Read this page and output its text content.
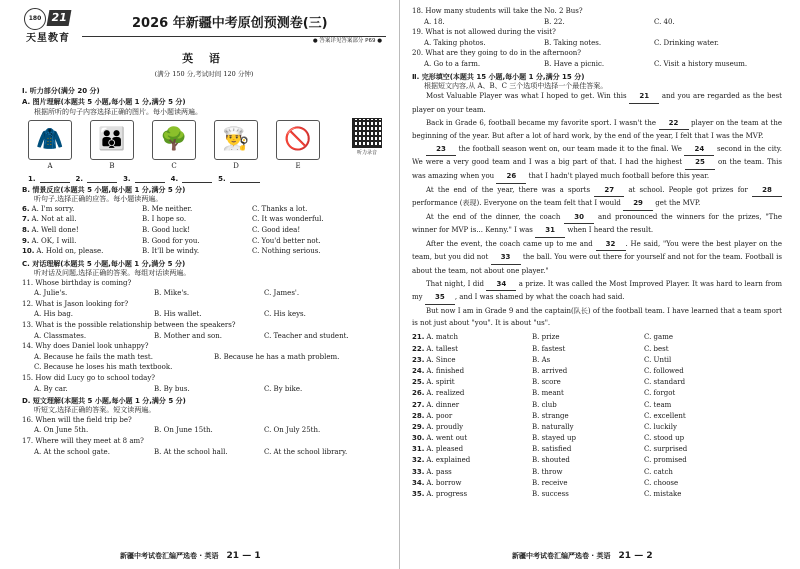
180 21
天星教育
2026 年新疆中考原创预测卷(三)
● 答案详见答案部分 P69 ●
英 语
(满分 150 分,考试时间 120 分钟)
Ⅰ. 听力部分(满分 20 分)
A. 图片理解(本题共 5 小题,每小题 1 分,满分 5 分)
根据所听的句子内容选择正确的图片。每小题读两遍。
🧥
A
👪
B
🌳
C
👨‍🍳
D
🚫
E
1.	2.	3.	4.	5.
B. 情景反应(本题共 5 小题,每小题 1 分,满分 5 分)
听句子,选择正确的应答。每小题读两遍。
6. A. I'm sorry.	B. Me neither.	C. Thanks a lot.
7. A. Not at all.	B. I hope so.	C. It was wonderful.
8. A. Well done!	B. Good luck!	C. Good idea!
9. A. OK, I will.	B. Good for you.	C. You'd better not.
10. A. Hold on, please.	B. It'll be windy.	C. Nothing serious.
C. 对话理解(本题共 5 小题,每小题 1 分,满分 5 分)
听对话及问题,选择正确的答案。每组对话读两遍。
11. Whose birthday is coming?
A. Julie's.	B. Mike's.	C. James'.
12. What is Jason looking for?
A. His bag.	B. His wallet.	C. His keys.
13. What is the possible relationship between the speakers?
A. Classmates.	B. Mother and son.	C. Teacher and student.
14. Why does Daniel look unhappy?
A. Because he fails the math test.	B. Because he has a math problem.
C. Because he loses his math textbook.
15. How did Lucy go to school today?
A. By car.	B. By bus.	C. By bike.
D. 短文理解(本题共 5 小题,每小题 1 分,满分 5 分)
听短文,选择正确的答案。短文读两遍。
16. When will the field trip be?
A. On June 5th.	B. On June 15th.	C. On July 25th.
17. Where will they meet at 8 am?
A. At the school gate.	B. At the school hall.	C. At the school library.
听力录音
新疆中考试卷汇编严选卷 · 英语 21 — 1
18. How many students will take the No. 2 Bus?
A. 18.	B. 22.	C. 40.
19. What is not allowed during the visit?
A. Taking photos.	B. Taking notes.	C. Drinking water.
20. What are they going to do in the afternoon?
A. Go to a farm.	B. Have a picnic.	C. Visit a history museum.
Ⅱ. 完形填空(本题共 15 小题,每小题 1 分,满分 15 分)
根据短文内容,从 A、B、C 三个选项中选择一个最佳答案。

Most Valuable Player was what I hoped to get. Win this 21 and you are regarded as the best player on your team.

Back in Grade 6, football became my favorite sport. I wasn't the 22 player on the team at the beginning of the year. But after a lot of hard work, by the end of the year, I felt that I was the MVP.

23 the football season went on, our team made it to the final. We 24 second in the city. We were a very good team and I was a big part of that. I had the highest 25 on the team. This was amazing when you 26 that I hadn't played much football before this year.

At the end of the year, there was a sports 27 at school. People got prizes for 28 performance (表现). Everyone on the team felt that I would 29 get the MVP.

At the end of the dinner, the coach 30 and pronounced the winners for the prizes, "The winner for MVP is... Kenny." I was 31 when I heard the result.

After the event, the coach came up to me and 32 . He said, "You were the best player on the team, but you did not 33 the ball. You were out there for yourself and not for the team. Football is about the team, not about one player."

That night, I did 34 a prize. It was called the Most Improved Player. It was hard to learn from my 35 , and I was shamed by what the coach had said.

But now I am in Grade 9 and the captain(队长) of the football team. I have learned that a team sport is not just about "you". It is about "us".

21. A. match	B. prize	C. game
22. A. tallest	B. fastest	C. best
23. A. Since	B. As	C. Until
24. A. finished	B. arrived	C. followed
25. A. spirit	B. score	C. standard
26. A. realized	B. meant	C. forgot
27. A. dinner	B. club	C. team
28. A. poor	B. strange	C. excellent
29. A. proudly	B. naturally	C. luckily
30. A. went out	B. stayed up	C. stood up
31. A. pleased	B. satisfied	C. surprised
32. A. explained	B. shouted	C. promised
33. A. pass	B. throw	C. catch
34. A. borrow	B. receive	C. choose
35. A. progress	B. success	C. mistake
新疆中考试卷汇编严选卷 · 英语 21 — 2
